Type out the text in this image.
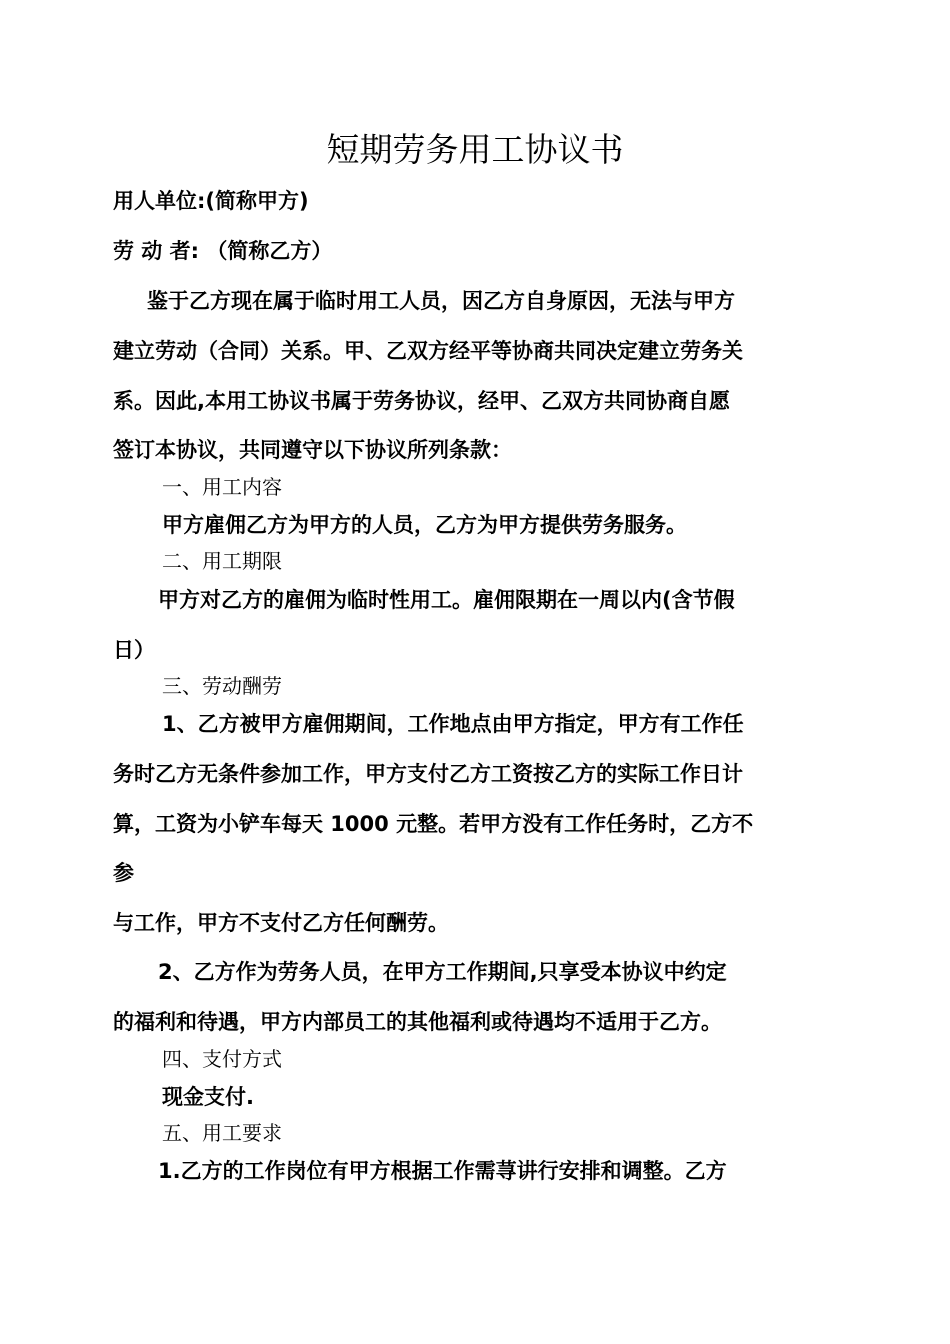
短期劳务用工协议书
用人单位:(简称甲方)
劳 动 者: （简称乙方）
鉴于乙方现在属于临时用工人员，因乙方自身原因，无法与甲方
建立劳动（合同）关系。甲、乙双方经平等协商共同决定建立劳务关
系。因此,本用工协议书属于劳务协议，经甲、乙双方共同协商自愿
签订本协议，共同遵守以下协议所列条款：
一、用工内容
甲方雇佣乙方为甲方的人员，乙方为甲方提供劳务服务。
二、用工期限
甲方对乙方的雇佣为临时性用工。雇佣限期在一周以内(含节假
日）
三、劳动酬劳
1、乙方被甲方雇佣期间，工作地点由甲方指定，甲方有工作任
务时乙方无条件参加工作，甲方支付乙方工资按乙方的实际工作日计
算，工资为小铲车每天 1000 元整。若甲方没有工作任务时，乙方不
参
与工作，甲方不支付乙方任何酬劳。
2、乙方作为劳务人员，在甲方工作期间,只享受本协议中约定
的福利和待遇，甲方内部员工的其他福利或待遇均不适用于乙方。
四、支付方式
现金支付.
五、用工要求
1.乙方的工作岗位有甲方根据工作需荨讲行安排和调整。乙方
